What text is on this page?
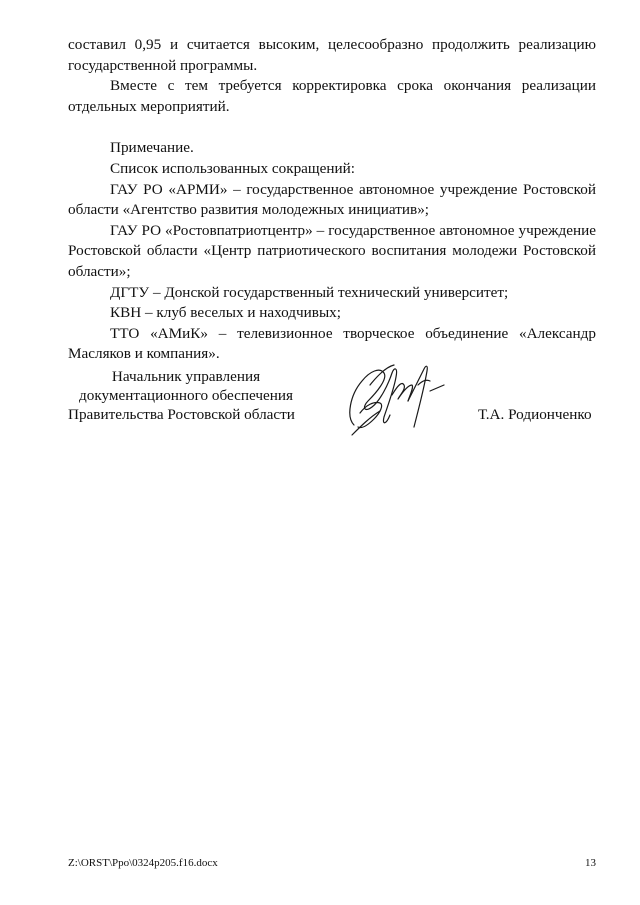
составил 0,95 и считается высоким, целесообразно продолжить реализацию государственной программы.

Вместе с тем требуется корректировка срока окончания реализации отдельных мероприятий.

Примечание.

Список использованных сокращений:

ГАУ РО «АРМИ» – государственное автономное учреждение Ростовской области «Агентство развития молодежных инициатив»;

ГАУ РО «Ростовпатриотцентр» – государственное автономное учреждение Ростовской области «Центр патриотического воспитания молодежи Ростовской области»;

ДГТУ – Донской государственный технический университет;

КВН – клуб веселых и находчивых;

ТТО «АМиК» – телевизионное творческое объединение «Александр Масляков и компания».

Начальник управления
документационного обеспечения
Правительства Ростовской области	Т.А. Родионченко
Z:\ORST\Ppo\0324p205.f16.docx	13
